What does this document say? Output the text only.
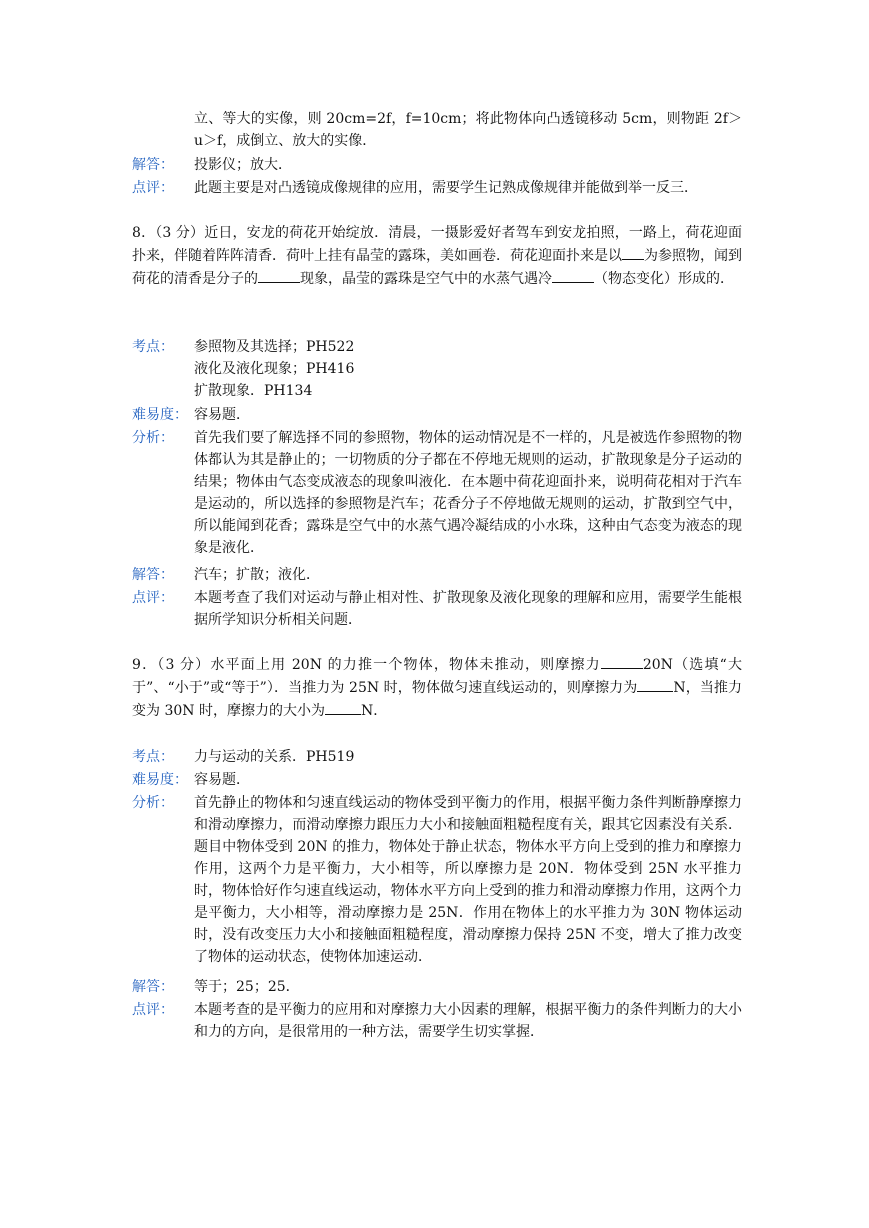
立、等大的实像，则 20cm=2f，f=10cm；将此物体向凸透镜移动 5cm，则物距 2f＞u＞f，成倒立、放大的实像．
解答：	投影仪；放大．
点评：	此题主要是对凸透镜成像规律的应用，需要学生记熟成像规律并能做到举一反三．
8．（3 分）近日，安龙的荷花开始绽放．清晨，一摄影爱好者驾车到安龙拍照，一路上，荷花迎面扑来，伴随着阵阵清香．荷叶上挂有晶莹的露珠，美如画卷．荷花迎面扑来是以 为参照物，闻到荷花的清香是分子的	现象，晶莹的露珠是空气中的水蒸气遇冷	（物态变化）形成的．
考点：	参照物及其选择；PH522
液化及液化现象；PH416
扩散现象．PH134
难易度： 容易题．
分析：	首先我们要了解选择不同的参照物，物体的运动情况是不一样的，凡是被选作参照物的物体都认为其是静止的；一切物质的分子都在不停地无规则的运动，扩散现象是分子运动的结果；物体由气态变成液态的现象叫液化．在本题中荷花迎面扑来，说明荷花相对于汽车是运动的，所以选择的参照物是汽车；花香分子不停地做无规则的运动，扩散到空气中，所以能闻到花香；露珠是空气中的水蒸气遇冷凝结成的小水珠，这种由气态变为液态的现象是液化．
解答：	汽车；扩散；液化．
点评：	本题考查了我们对运动与静止相对性、扩散现象及液化现象的理解和应用，需要学生能根据所学知识分析相关问题．
9．（3 分）水平面上用 20N 的力推一个物体，物体未推动，则摩擦力	20N（选填“大于”、“小于”或“等于”）．当推力为 25N 时，物体做匀速直线运动的，则摩擦力为	N，当推力变为 30N 时，摩擦力的大小为	N．
考点：	力与运动的关系．PH519
难易度： 容易题．
分析：	首先静止的物体和匀速直线运动的物体受到平衡力的作用，根据平衡力条件判断静摩擦力和滑动摩擦力，而滑动摩擦力跟压力大小和接触面粗糙程度有关，跟其它因素没有关系．题目中物体受到 20N 的推力，物体处于静止状态，物体水平方向上受到的推力和摩擦力作用，这两个力是平衡力，大小相等，所以摩擦力是 20N．物体受到 25N 水平推力时，物体恰好作匀速直线运动，物体水平方向上受到的推力和滑动摩擦力作用，这两个力是平衡力，大小相等，滑动摩擦力是 25N．作用在物体上的水平推力为 30N 物体运动时，没有改变压力大小和接触面粗糙程度，滑动摩擦力保持 25N 不变，增大了推力改变了物体的运动状态，使物体加速运动．
解答：	等于；25；25．
点评：	本题考查的是平衡力的应用和对摩擦力大小因素的理解，根据平衡力的条件判断力的大小和力的方向，是很常用的一种方法，需要学生切实掌握．
